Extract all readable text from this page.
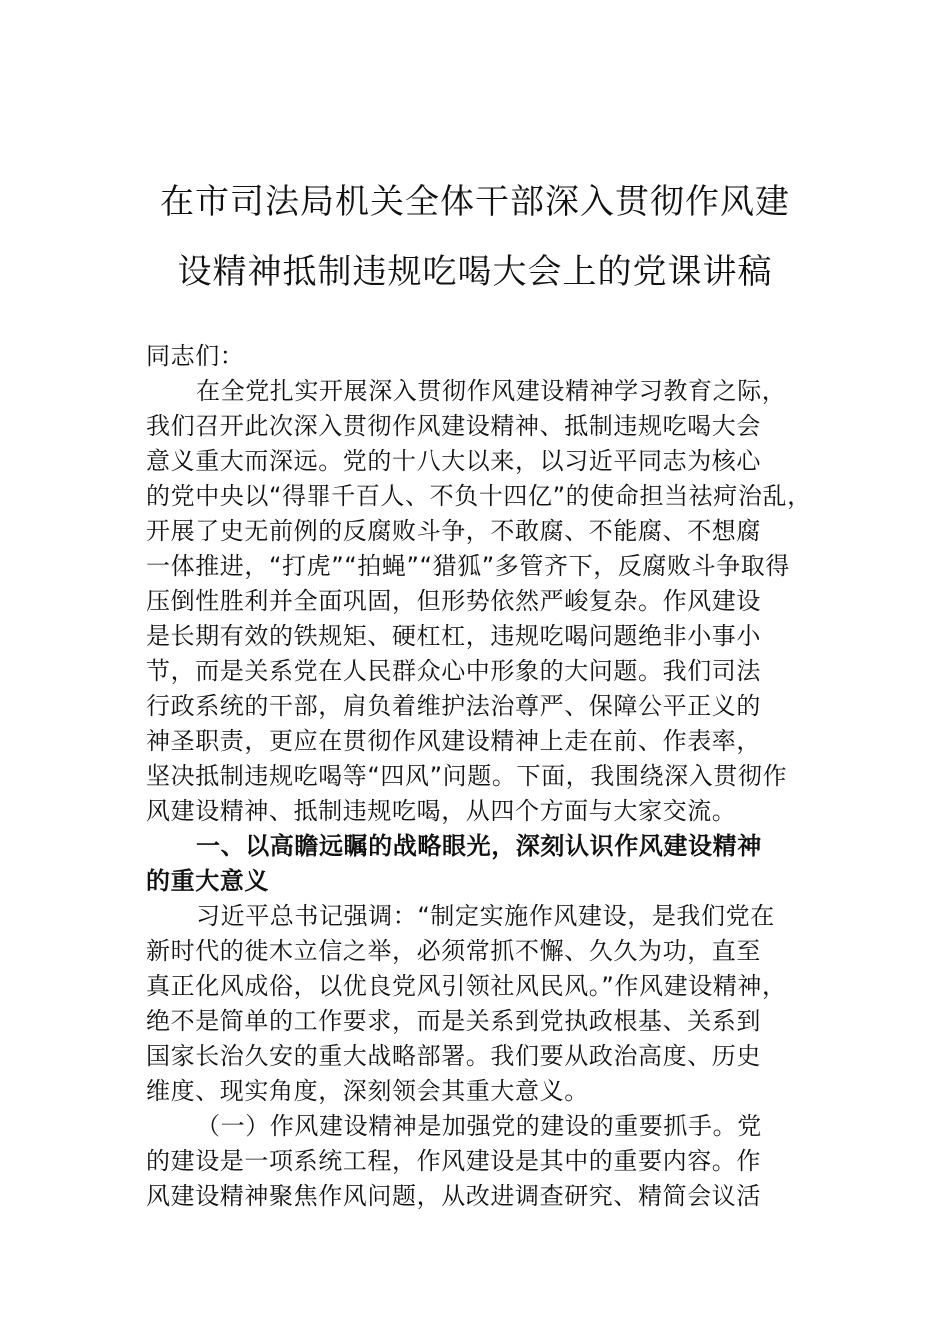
在市司法局机关全体干部深入贯彻作风建
设精神抵制违规吃喝大会上的党课讲稿
同志们：
在全党扎实开展深入贯彻作风建设精神学习教育之际，
我们召开此次深入贯彻作风建设精神、抵制违规吃喝大会
意义重大而深远。党的十八大以来，以习近平同志为核心
的党中央以“得罪千百人、不负十四亿”的使命担当祛疴治乱，
开展了史无前例的反腐败斗争，不敢腐、不能腐、不想腐
一体推进，“打虎”“拍蝇”“猎狐”多管齐下，反腐败斗争取得
压倒性胜利并全面巩固，但形势依然严峻复杂。作风建设
是长期有效的铁规矩、硬杠杠，违规吃喝问题绝非小事小
节，而是关系党在人民群众心中形象的大问题。我们司法
行政系统的干部，肩负着维护法治尊严、保障公平正义的
神圣职责，更应在贯彻作风建设精神上走在前、作表率，
坚决抵制违规吃喝等“四风”问题。下面，我围绕深入贯彻作
风建设精神、抵制违规吃喝，从四个方面与大家交流。
一、以高瞻远瞩的战略眼光，深刻认识作风建设精神
的重大意义
习近平总书记强调：“制定实施作风建设，是我们党在
新时代的徙木立信之举，必须常抓不懈、久久为功，直至
真正化风成俗，以优良党风引领社风民风。”作风建设精神，
绝不是简单的工作要求，而是关系到党执政根基、关系到
国家长治久安的重大战略部署。我们要从政治高度、历史
维度、现实角度，深刻领会其重大意义。
（一）作风建设精神是加强党的建设的重要抓手。党
的建设是一项系统工程，作风建设是其中的重要内容。作
风建设精神聚焦作风问题，从改进调查研究、精简会议活
